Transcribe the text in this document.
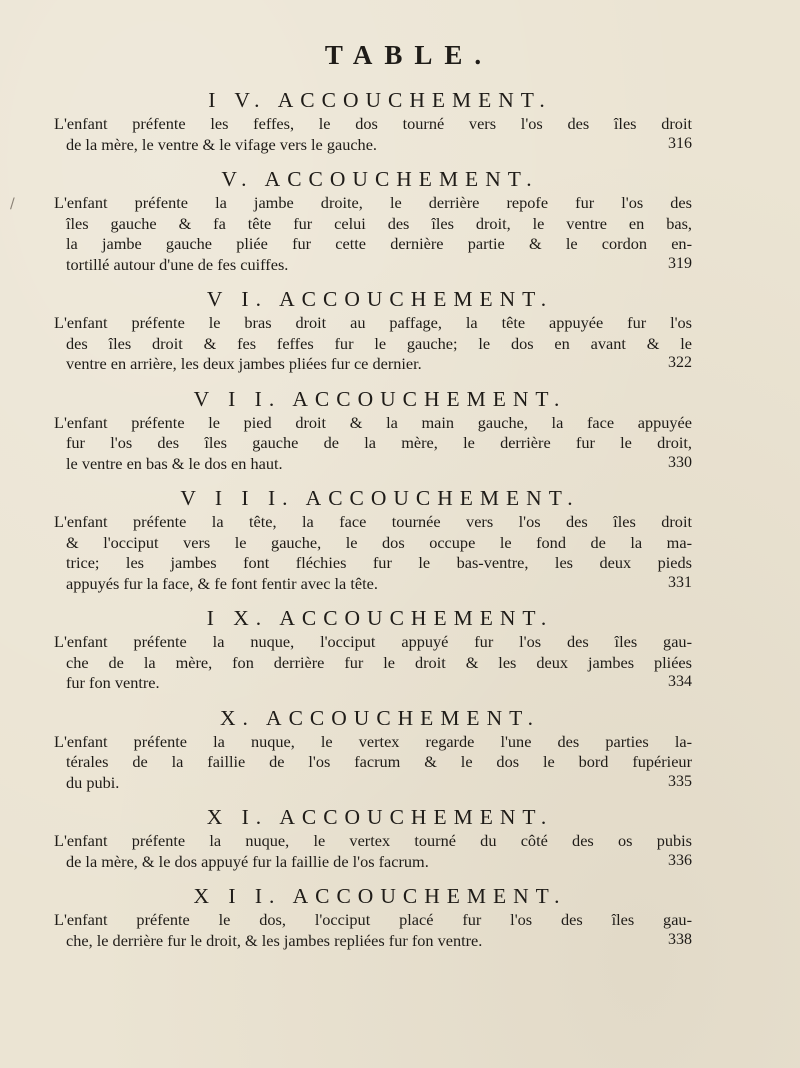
/
TABLE.
I V. ACCOUCHEMENT.
L'enfant préfente les feffes, le dos tourné vers l'os des îles droit
de la mère, le ventre & le vifage vers le gauche.	316
V. ACCOUCHEMENT.
L'enfant préfente la jambe droite, le derrière repofe fur l'os des
îles gauche & fa tête fur celui des îles droit, le ventre en bas,
la jambe gauche pliée fur cette dernière partie & le cordon en-
tortillé autour d'une de fes cuiffes.	319
V I. ACCOUCHEMENT.
L'enfant préfente le bras droit au paffage, la tête appuyée fur l'os
des îles droit & fes feffes fur le gauche; le dos en avant & le
ventre en arrière, les deux jambes pliées fur ce dernier.	322
V I I. ACCOUCHEMENT.
L'enfant préfente le pied droit & la main gauche, la face appuyée
fur l'os des îles gauche de la mère, le derrière fur le droit,
le ventre en bas & le dos en haut.	330
V I I I. ACCOUCHEMENT.
L'enfant préfente la tête, la face tournée vers l'os des îles droit
& l'occiput vers le gauche, le dos occupe le fond de la ma-
trice; les jambes font fléchies fur le bas-ventre, les deux pieds
appuyés fur la face, & fe font fentir avec la tête.	331
I X. ACCOUCHEMENT.
L'enfant préfente la nuque, l'occiput appuyé fur l'os des îles gau-
che de la mère, fon derrière fur le droit & les deux jambes pliées
fur fon ventre.	334
X. ACCOUCHEMENT.
L'enfant préfente la nuque, le vertex regarde l'une des parties la-
térales de la faillie de l'os facrum & le dos le bord fupérieur
du pubi.	335
X I. ACCOUCHEMENT.
L'enfant préfente la nuque, le vertex tourné du côté des os pubis
de la mère, & le dos appuyé fur la faillie de l'os facrum.	336
X I I. ACCOUCHEMENT.
L'enfant préfente le dos, l'occiput placé fur l'os des îles gau-
che, le derrière fur le droit, & les jambes repliées fur fon ventre.	338
